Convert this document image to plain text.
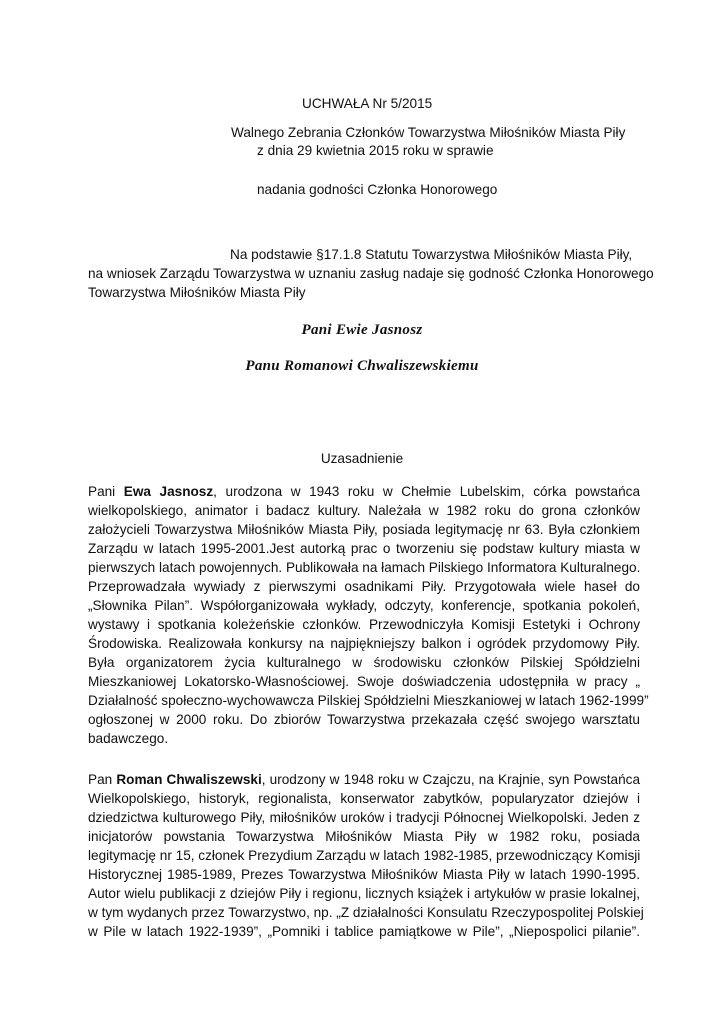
UCHWAŁA Nr 5/2015
Walnego Zebrania Członków Towarzystwa Miłośników Miasta Piły
z dnia 29 kwietnia 2015 roku w sprawie
nadania godności Członka Honorowego
Na podstawie §17.1.8 Statutu Towarzystwa Miłośników Miasta Piły,
na wniosek Zarządu Towarzystwa w uznaniu zasług nadaje się godność Członka Honorowego
Towarzystwa Miłośników Miasta Piły
Pani Ewie Jasnosz
Panu Romanowi Chwaliszewskiemu
Uzasadnienie
Pani Ewa Jasnosz, urodzona w 1943 roku w Chełmie Lubelskim, córka powstańca
wielkopolskiego, animator i badacz kultury. Należała w 1982 roku do grona członków
założycieli Towarzystwa Miłośników Miasta Piły, posiada legitymację nr 63. Była członkiem
Zarządu w latach 1995-2001.Jest autorką prac o tworzeniu się podstaw kultury miasta w
pierwszych latach powojennych. Publikowała na łamach Pilskiego Informatora Kulturalnego.
Przeprowadzała wywiady z pierwszymi osadnikami Piły. Przygotowała wiele haseł do
„Słownika Pilan”. Współorganizowała wykłady, odczyty, konferencje, spotkania pokoleń,
wystawy i spotkania koleżeńskie członków. Przewodniczyła Komisji Estetyki i Ochrony
Środowiska. Realizowała konkursy na najpiękniejszy balkon i ogródek przydomowy Piły.
Była organizatorem życia kulturalnego w środowisku członków Pilskiej Spółdzielni
Mieszkaniowej Lokatorsko-Własnościowej. Swoje doświadczenia udostępniła w pracy „
Działalność społeczno-wychowawcza Pilskiej Spółdzielni Mieszkaniowej w latach 1962-1999”
ogłoszonej w 2000 roku. Do zbiorów Towarzystwa przekazała część swojego warsztatu
badawczego.
Pan Roman Chwaliszewski, urodzony w 1948 roku w Czajczu, na Krajnie, syn Powstańca
Wielkopolskiego, historyk, regionalista, konserwator zabytków, popularyzator dziejów i
dziedzictwa kulturowego Piły, miłośników uroków i tradycji Północnej Wielkopolski. Jeden z
inicjatorów powstania Towarzystwa Miłośników Miasta Piły w 1982 roku, posiada
legitymację nr 15, członek Prezydium Zarządu w latach 1982-1985, przewodniczący Komisji
Historycznej 1985-1989, Prezes Towarzystwa Miłośników Miasta Piły w latach 1990-1995.
Autor wielu publikacji z dziejów Piły i regionu, licznych książek i artykułów w prasie lokalnej,
w tym wydanych przez Towarzystwo, np. „Z działalności Konsulatu Rzeczypospolitej Polskiej
w Pile w latach 1922-1939”, „Pomniki i tablice pamiątkowe w Pile”, „Niepospolici pilanie”.
